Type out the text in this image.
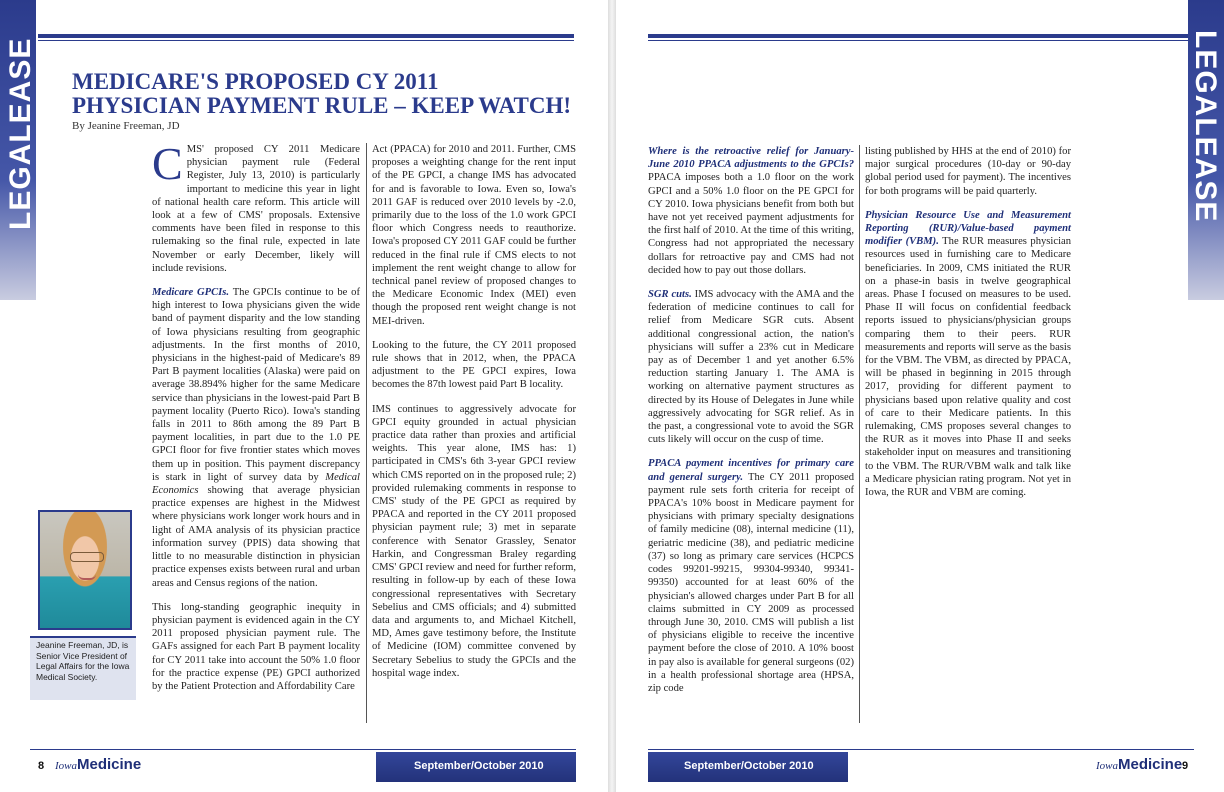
LEGALEASE MEDICARE'S PROPOSED CY 2011 PHYSICIAN PAYMENT RULE – KEEP WATCH!
By Jeanine Freeman, JD

CMS' proposed CY 2011 Medicare physician payment rule (Federal Register, July 13, 2010) is particularly important to medicine this year in light of national health care reform. This article will look at a few of CMS' proposals. Extensive comments have been filed in response to this rulemaking so the final rule, expected in late November or early December, likely will include revisions.

Medicare GPCIs. The GPCIs continue to be of high interest to Iowa physicians given the wide band of payment disparity and the low standing of Iowa physicians resulting from geographic adjustments. In the first months of 2010, physicians in the highest-paid of Medicare's 89 Part B payment localities (Alaska) were paid on average 38.894% higher for the same Medicare service than physicians in the lowest-paid Part B payment locality (Puerto Rico). Iowa's standing falls in 2011 to 86th among the 89 Part B payment localities, in part due to the 1.0 PE GPCI floor for five frontier states which moves them up in position. This payment discrepancy is stark in light of survey data by Medical Economics showing that average physician practice expenses are highest in the Midwest where physicians work longer work hours and in light of AMA analysis of its physician practice information survey (PPIS) data showing that little to no measurable distinction in physician practice expenses exists between rural and urban areas and Census regions of the nation.

This long-standing geographic inequity in physician payment is evidenced again in the CY 2011 proposed physician payment rule. The GAFs assigned for each Part B payment locality for CY 2011 take into account the 50% 1.0 floor for the practice expense (PE) GPCI authorized by the Patient Protection and Affordability Care

Act (PPACA) for 2010 and 2011. Further, CMS proposes a weighting change for the rent input of the PE GPCI, a change IMS has advocated for and is favorable to Iowa. Even so, Iowa's 2011 GAF is reduced over 2010 levels by -2.0, primarily due to the loss of the 1.0 work GPCI floor which Congress needs to reauthorize. Iowa's proposed CY 2011 GAF could be further reduced in the final rule if CMS elects to not implement the rent weight change to allow for technical panel review of proposed changes to the Medicare Economic Index (MEI) even though the proposed rent weight change is not MEI-driven.

Looking to the future, the CY 2011 proposed rule shows that in 2012, when, the PPACA adjustment to the PE GPCI expires, Iowa becomes the 87th lowest paid Part B locality.

IMS continues to aggressively advocate for GPCI equity grounded in actual physician practice data rather than proxies and artificial weights. This year alone, IMS has: 1) participated in CMS's 6th 3-year GPCI review which CMS reported on in the proposed rule; 2) provided rulemaking comments in response to CMS' study of the PE GPCI as required by PPACA and reported in the CY 2011 proposed physician payment rule; 3) met in separate conference with Senator Grassley, Senator Harkin, and Congressman Braley regarding CMS' GPCI review and need for further reform, resulting in follow-up by each of these Iowa congressional representatives with Secretary Sebelius and CMS officials; and 4) submitted data and arguments to, and Michael Kitchell, MD, Ames gave testimony before, the Institute of Medicine (IOM) committee convened by Secretary Sebelius to study the GPCIs and the hospital wage index.

Jeanine Freeman, JD, is Senior Vice President of Legal Affairs for the Iowa Medical Society.
8 IowaMedicine	September/October 2010
LEGALEASE

Where is the retroactive relief for January-June 2010 PPACA adjustments to the GPCIs? PPACA imposes both a 1.0 floor on the work GPCI and a 50% 1.0 floor on the PE GPCI for CY 2010. Iowa physicians benefit from both but have not yet received payment adjustments for the first half of 2010. At the time of this writing, Congress had not appropriated the necessary dollars for retroactive pay and CMS had not decided how to pay out those dollars.

SGR cuts. IMS advocacy with the AMA and the federation of medicine continues to call for relief from Medicare SGR cuts. Absent additional congressional action, the nation's physicians will suffer a 23% cut in Medicare pay as of December 1 and yet another 6.5% reduction starting January 1. The AMA is working on alternative payment structures as directed by its House of Delegates in June while aggressively advocating for SGR relief. As in the past, a congressional vote to avoid the SGR cuts likely will occur on the cusp of time.

PPACA payment incentives for primary care and general surgery. The CY 2011 proposed payment rule sets forth criteria for receipt of PPACA's 10% boost in Medicare payment for physicians with primary specialty designations of family medicine (08), internal medicine (11), geriatric medicine (38), and pediatric medicine (37) so long as primary care services (HCPCS codes 99201-99215, 99304-99340, 99341-99350) accounted for at least 60% of the physician's allowed charges under Part B for all claims submitted in CY 2009 as processed through June 30, 2010. CMS will publish a list of physicians eligible to receive the incentive payment before the close of 2010. A 10% boost in pay also is available for general surgeons (02) in a health professional shortage area (HPSA, zip code

listing published by HHS at the end of 2010) for major surgical procedures (10-day or 90-day global period used for payment). The incentives for both programs will be paid quarterly.

Physician Resource Use and Measurement Reporting (RUR)/Value-based payment modifier (VBM). The RUR measures physician resources used in furnishing care to Medicare beneficiaries. In 2009, CMS initiated the RUR on a phase-in basis in twelve geographical areas. Phase I focused on measures to be used. Phase II will focus on confidential feedback reports issued to physicians/physician groups comparing them to their peers. RUR measurements and reports will serve as the basis for the VBM. The VBM, as directed by PPACA, will be phased in beginning in 2015 through 2017, providing for different payment to physicians based upon relative quality and cost of care to their Medicare patients. In this rulemaking, CMS proposes several changes to the RUR as it moves into Phase II and seeks stakeholder input on measures and transitioning to the VBM. The RUR/VBM walk and talk like a Medicare physician rating program. Not yet in Iowa, the RUR and VBM are coming.

September/October 2010	IowaMedicine 9
